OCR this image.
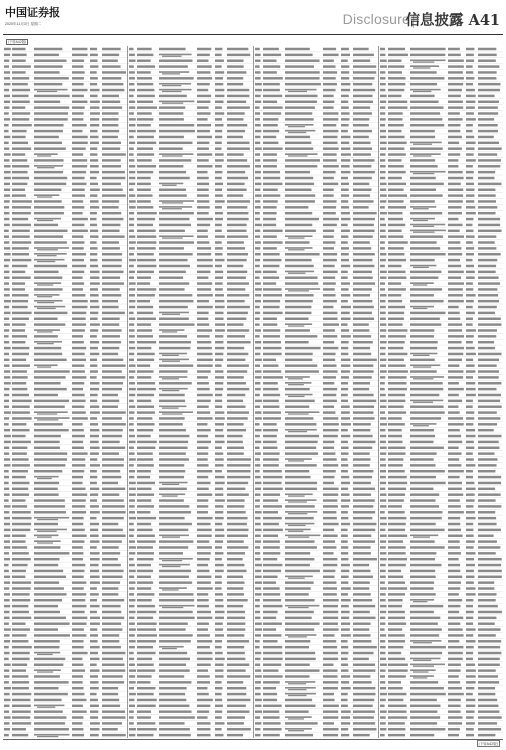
中国证券报
2020年11月3日 星期二	Disclosure
信息披露 A41
(下转A42版)
(下转A42版)
